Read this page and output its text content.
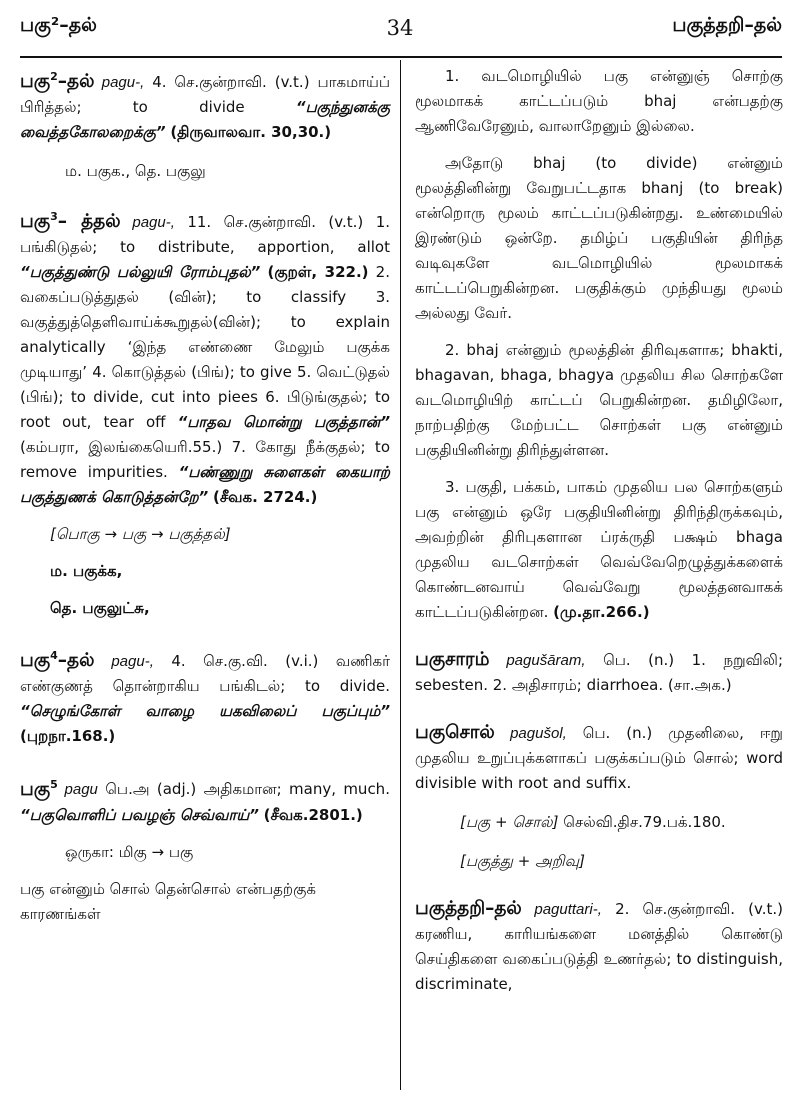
பகு²–தல்	34	பகுத்தறி–தல்

பகு$^2$–தல் pagu-, 4. செ.குன்றாவி. (v.t.) பாகமாய்ப் பிரித்தல்; to divide	“பகுந்துனக்கு வைத்தகோலறைக்கு” (திருவாலவா. 30,30.)

ம. பகுக., தெ. பகுலு

பகு$^3$– த்தல் pagu-, 11. செ.குன்றாவி. (v.t.) 1. பங்கிடுதல்; to distribute, apportion, allot “பகுத்துண்டு பல்லுயி ரோம்புதல்” (குறள், 322.) 2. வகைப்படுத்துதல் (வின்); to classify 3. வகுத்துத்தெளிவாய்க்கூறுதல்(வின்); to explain analytically ‘இந்த எண்ணை மேலும் பகுக்க முடியாது’ 4. கொடுத்தல் (பிங்); to give 5. வெட்டுதல் (பிங்); to divide, cut into piees 6. பிடுங்குதல்; to root out, tear off “பாதவ மொன்று பகுத்தான்” (கம்பரா, இலங்கையெரி.55.) 7. கோது நீக்குதல்; to remove impurities. “பண்ணுறு சுளைகள் கையாற் பகுத்துணக் கொடுத்தன்றே” (சீவக. 2724.)

[பொகு → பகு → பகுத்தல்]

ம. பகுக்க,

தெ. பகுலுட்சு,

பகு$^4$–தல் pagu-, 4. செ.கு.வி. (v.i.) வணிகர் எண்குணத் தொன்றாகிய பங்கிடல்; to divide. “செழுங்கோள் வாழை யகவிலைப் பகுப்பும்” (புறநா.168.)

பகு$^5$ pagu பெ.அ (adj.) அதிகமான; many, much. “பகுவொளிப் பவழஞ் செவ்வாய்” (சீவக.2801.)

ஒருகா: மிகு → பகு

பகு என்னும் சொல் தென்சொல் என்பதற்குக் காரணங்கள்

1. வடமொழியில் பகு என்னுஞ் சொற்கு மூலமாகக் காட்டப்படும் bhaj என்பதற்கு ஆணிவேரேனும், வாலாறேனும் இல்லை.

அதோடு bhaj (to divide) என்னும் மூலத்தினின்று வேறுபட்டதாக bhanj (to break) என்றொரு மூலம் காட்டப்படுகின்றது. உண்மையில் இரண்டும் ஒன்றே. தமிழ்ப் பகுதியின் திரிந்த வடிவுகளே வடமொழியில் மூலமாகக் காட்டப்பெறுகின்றன. பகுதிக்கும் முந்தியது மூலம் அல்லது வேர்.

2. bhaj என்னும் மூலத்தின் திரிவுகளாக; bhakti, bhagavan, bhaga, bhagya முதலிய சில சொற்களே வடமொழியிற் காட்டப் பெறுகின்றன. தமிழிலோ, நாற்பதிற்கு மேற்பட்ட சொற்கள் பகு என்னும் பகுதியினின்று திரிந்துள்ளன.

3. பகுதி, பக்கம், பாகம் முதலிய பல சொற்களும் பகு என்னும் ஒரே பகுதியினின்று திரிந்திருக்கவும், அவற்றின் திரிபுகளான ப்ரக்ருதி பக்ஷம் bhaga முதலிய வடசொற்கள் வெவ்வேறெழுத்துக்களைக் கொண்டனவாய் வெவ்வேறு மூலத்தனவாகக் காட்டப்படுகின்றன. (மு.தா.266.)

பகுசாரம் pagušāram, பெ. (n.) 1. நறுவிலி; sebesten. 2. அதிசாரம்; diarrhoea. (சா.அக.)

பகுசொல் pagušol, பெ. (n.) முதனிலை, ஈறு முதலிய உறுப்புக்களாகப் பகுக்கப்படும் சொல்; word divisible with root and suffix.

[பகு + சொல்] செல்வி.திச.79.பக்.180.

[பகுத்து + அறிவு]

பகுத்தறி–தல் paguttari-, 2. செ.குன்றாவி. (v.t.) கரணிய, காரியங்களை மனத்தில் கொண்டு செய்திகளை வகைப்படுத்தி உணர்தல்; to distinguish, discriminate,
